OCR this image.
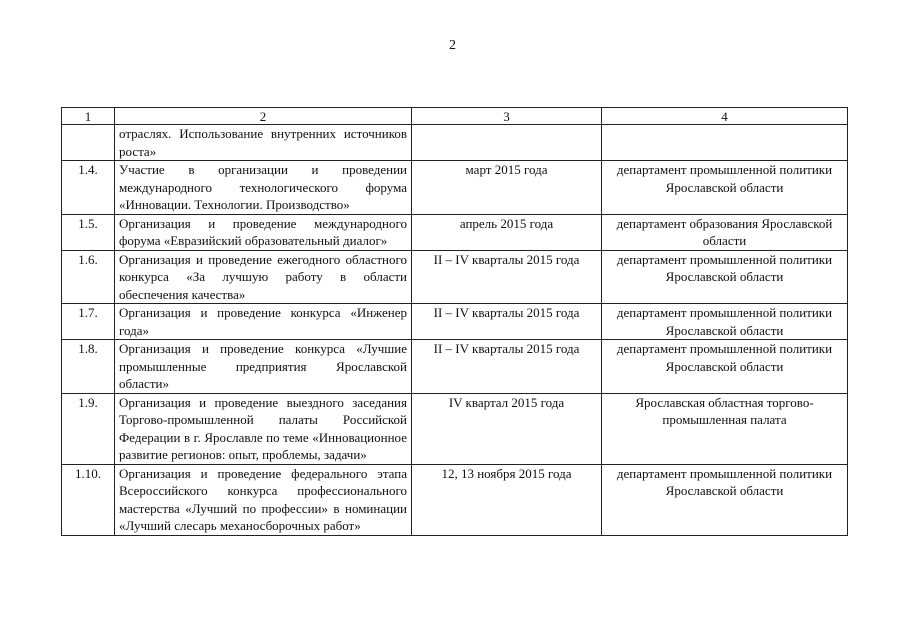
2
1	2	3	4
	отраслях. Использование внутренних источников роста»		
1.4.	Участие в организации и проведении международного технологического форума «Инновации. Технологии. Производство»	март 2015 года	департамент промышленной политики Ярославской области
1.5.	Организация и проведение международного форума «Евразийский образовательный диалог»	апрель 2015 года	департамент образования Ярославской области
1.6.	Организация и проведение ежегодного областного конкурса «За лучшую работу в области обеспечения качества»	II – IV кварталы 2015 года	департамент промышленной политики Ярославской области
1.7.	Организация и проведение конкурса «Инженер года»	II – IV кварталы 2015 года	департамент промышленной политики Ярославской области
1.8.	Организация и проведение конкурса «Лучшие промышленные предприятия Ярославской области»	II – IV кварталы 2015 года	департамент промышленной политики Ярославской области
1.9.	Организация и проведение выездного заседания Торгово-промышленной палаты Российской Федерации в г. Ярославле по теме «Инновационное развитие регионов: опыт, проблемы, задачи»	IV квартал 2015 года	Ярославская областная торгово-промышленная палата
1.10.	Организация и проведение федерального этапа Всероссийского конкурса профессионального мастерства «Лучший по профессии» в номинации «Лучший слесарь механосборочных работ»	12, 13 ноября 2015 года	департамент промышленной политики Ярославской области
